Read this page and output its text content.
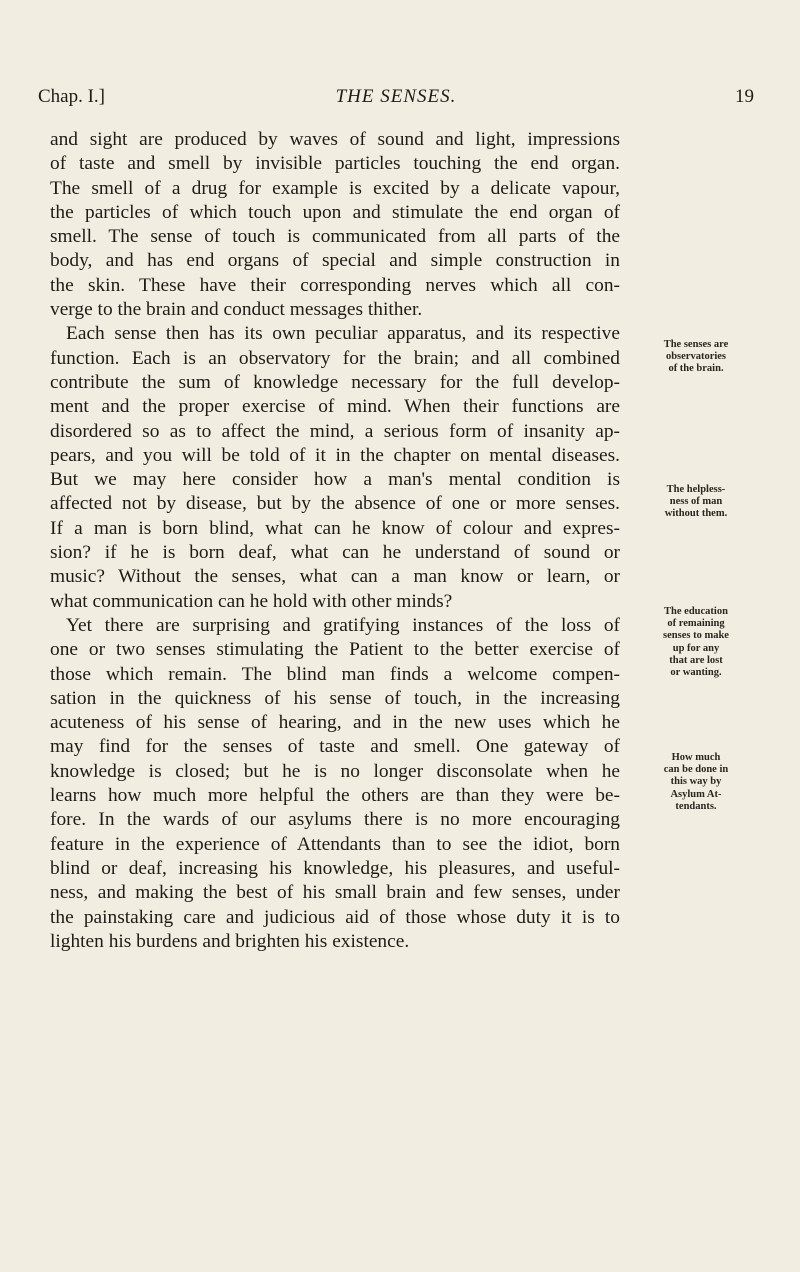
Chap. I.]	THE SENSES.	19
and sight are produced by waves of sound and light, impressions
of taste and smell by invisible particles touching the end organ.
The smell of a drug for example is excited by a delicate vapour,
the particles of which touch upon and stimulate the end organ of
smell. The sense of touch is communicated from all parts of the
body, and has end organs of special and simple construction in
the skin. These have their corresponding nerves which all con-
verge to the brain and conduct messages thither.
Each sense then has its own peculiar apparatus, and its respective
function. Each is an observatory for the brain; and all combined
contribute the sum of knowledge necessary for the full develop-
ment and the proper exercise of mind. When their functions are
disordered so as to affect the mind, a serious form of insanity ap-
pears, and you will be told of it in the chapter on mental diseases.
But we may here consider how a man's mental condition is
affected not by disease, but by the absence of one or more senses.
If a man is born blind, what can he know of colour and expres-
sion? if he is born deaf, what can he understand of sound or
music? Without the senses, what can a man know or learn, or
what communication can he hold with other minds?
Yet there are surprising and gratifying instances of the loss of
one or two senses stimulating the Patient to the better exercise of
those which remain. The blind man finds a welcome compen-
sation in the quickness of his sense of touch, in the increasing
acuteness of his sense of hearing, and in the new uses which he
may find for the senses of taste and smell. One gateway of
knowledge is closed; but he is no longer disconsolate when he
learns how much more helpful the others are than they were be-
fore. In the wards of our asylums there is no more encouraging
feature in the experience of Attendants than to see the idiot, born
blind or deaf, increasing his knowledge, his pleasures, and useful-
ness, and making the best of his small brain and few senses, under
the painstaking care and judicious aid of those whose duty it is to
lighten his burdens and brighten his existence.
The senses are
observatories
of the brain.
The helpless-
ness of man
without them.
The education
of remaining
senses to make
up for any
that are lost
or wanting.
How much
can be done in
this way by
Asylum At-
tendants.
